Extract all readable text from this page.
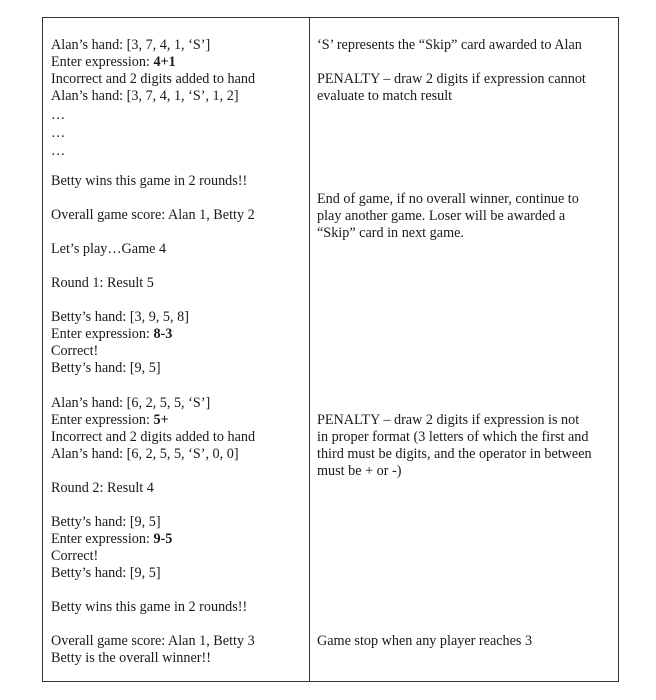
Alan’s hand: [3, 7, 4, 1, ‘S’]
Enter expression: 4+1
Incorrect and 2 digits added to hand
Alan’s hand: [3, 7, 4, 1, ‘S’, 1, 2]
…
…
…
Betty wins this game in 2 rounds!!
Overall game score: Alan 1, Betty 2
Let’s play…Game 4
Round 1: Result 5
Betty’s hand: [3, 9, 5, 8]
Enter expression: 8-3
Correct!
Betty’s hand: [9, 5]
Alan’s hand: [6, 2, 5, 5, ‘S’]
Enter expression: 5+
Incorrect and 2 digits added to hand
Alan’s hand: [6, 2, 5, 5, ‘S’, 0, 0]
Round 2: Result 4
Betty’s hand: [9, 5]
Enter expression: 9-5
Correct!
Betty’s hand: [9, 5]
Betty wins this game in 2 rounds!!
Overall game score: Alan 1, Betty 3
Betty is the overall winner!!
‘S’ represents the “Skip” card awarded to Alan
PENALTY – draw 2 digits if expression cannot
evaluate to match result
End of game, if no overall winner, continue to
play another game. Loser will be awarded a
“Skip” card in next game.
PENALTY – draw 2 digits if expression is not
in proper format (3 letters of which the first and
third must be digits, and the operator in between
must be + or -)
Game stop when any player reaches 3
